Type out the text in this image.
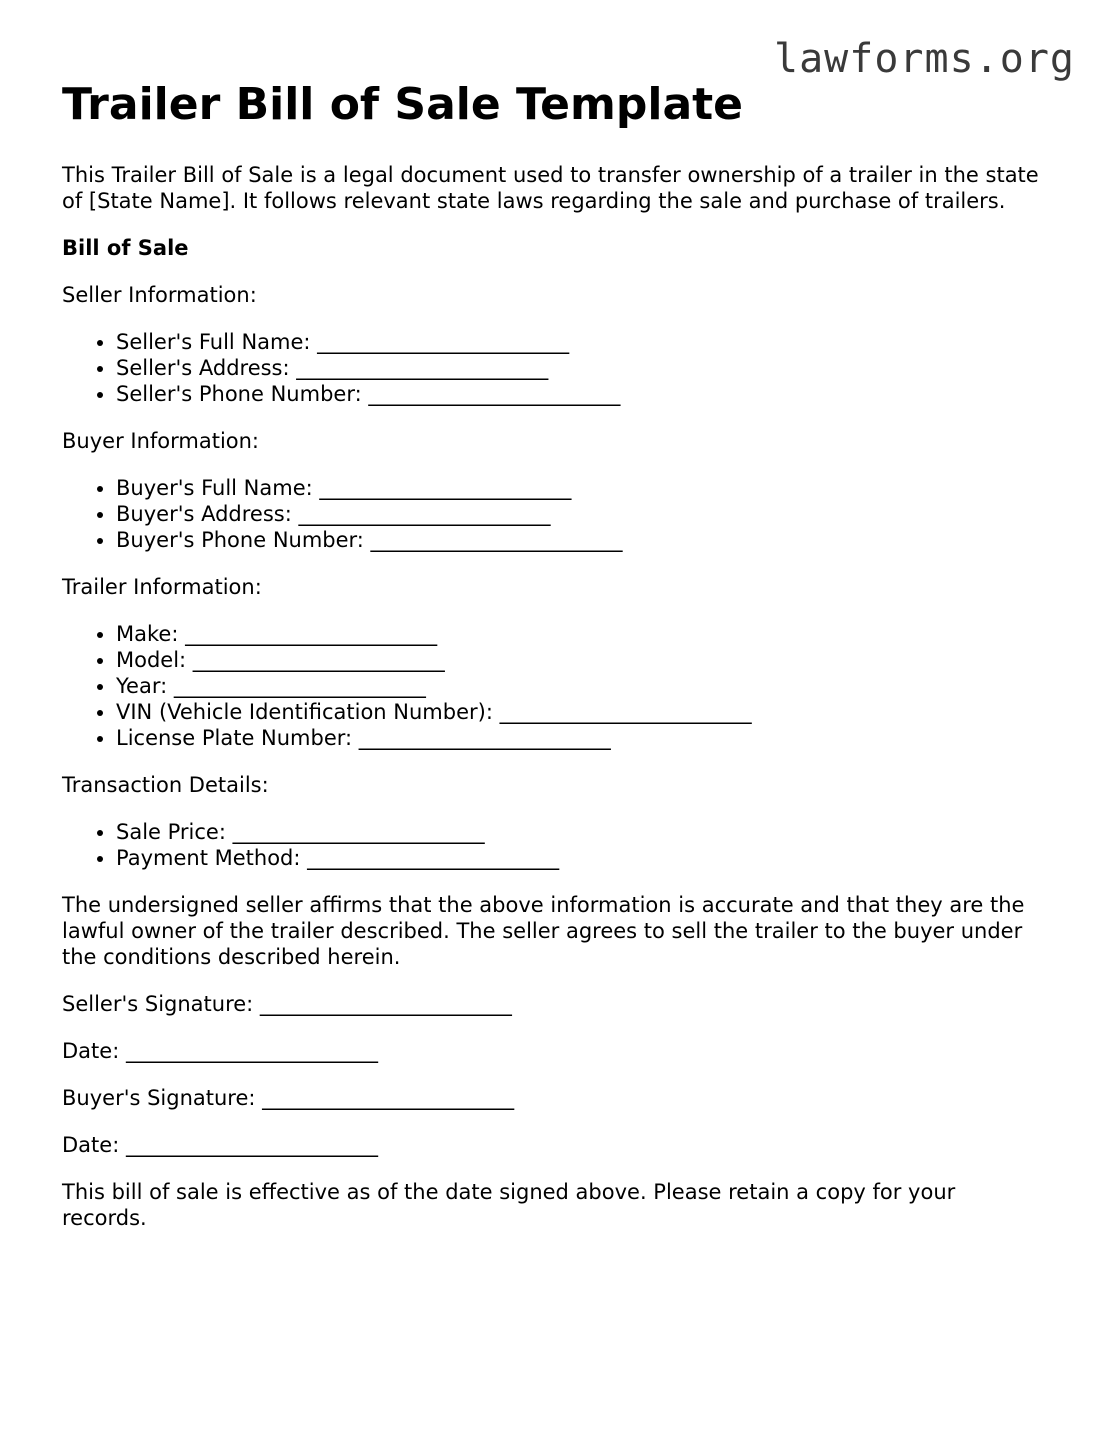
lawforms.org
Trailer Bill of Sale Template

This Trailer Bill of Sale is a legal document used to transfer ownership of a trailer in the state of [State Name]. It follows relevant state laws regarding the sale and purchase of trailers.

Bill of Sale

Seller Information:

• Seller's Full Name: ________________________
• Seller's Address: ________________________
• Seller's Phone Number: ________________________

Buyer Information:

• Buyer's Full Name: ________________________
• Buyer's Address: ________________________
• Buyer's Phone Number: ________________________

Trailer Information:

• Make: ________________________
• Model: ________________________
• Year: ________________________
• VIN (Vehicle Identification Number): ________________________
• License Plate Number: ________________________

Transaction Details:

• Sale Price: ________________________
• Payment Method: ________________________

The undersigned seller affirms that the above information is accurate and that they are the lawful owner of the trailer described. The seller agrees to sell the trailer to the buyer under the conditions described herein.

Seller's Signature: ________________________

Date: ________________________

Buyer's Signature: ________________________

Date: ________________________

This bill of sale is effective as of the date signed above. Please retain a copy for your records.
